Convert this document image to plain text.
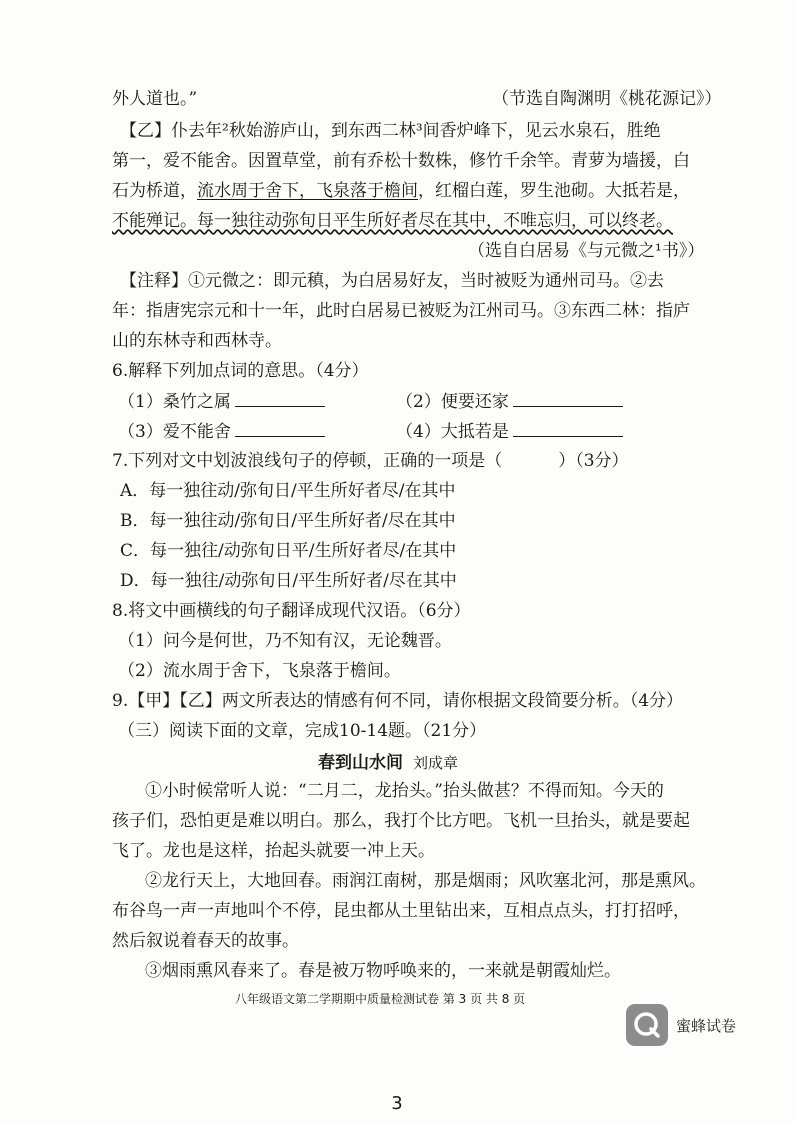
外人道也。”	（节选自陶渊明《桃花源记》）
【乙】仆去年²秋始游庐山，到东西二林³间香炉峰下，见云水泉石，胜绝
第一，爱不能舍。因置草堂，前有乔松十数株，修竹千余竿。青萝为墙援，白
石为桥道，流水周于舍下，飞泉落于檐间，红榴白莲，罗生池砌。大抵若是，
不能殚记。每一独往动弥旬日平生所好者尽在其中，不唯忘归，可以终老。
（选自白居易《与元微之¹书》）
【注释】①元微之：即元稹，为白居易好友，当时被贬为通州司马。②去
年：指唐宪宗元和十一年，此时白居易已被贬为江州司马。③东西二林：指庐
山的东林寺和西林寺。
6.解释下列加点词的意思。（4分）
（1）桑竹之属	（2）便要还家
（3）爱不能舍	（4）大抵若是
7.下列对文中划波浪线句子的停顿，正确的一项是（	）（3分）
A．每一独往动/弥旬日/平生所好者尽/在其中
B．每一独往动/弥旬日/平生所好者/尽在其中
C．每一独往/动弥旬日平/生所好者尽/在其中
D．每一独往/动弥旬日/平生所好者/尽在其中
8.将文中画横线的句子翻译成现代汉语。（6分）
（1）问今是何世，乃不知有汉，无论魏晋。
（2）流水周于舍下，飞泉落于檐间。
9.【甲】【乙】两文所表达的情感有何不同，请你根据文段简要分析。（4分）
（三）阅读下面的文章，完成10-14题。（21分）
春到山水间 刘成章
①小时候常听人说：“二月二，龙抬头。”抬头做甚？不得而知。今天的
孩子们，恐怕更是难以明白。那么，我打个比方吧。飞机一旦抬头，就是要起
飞了。龙也是这样，抬起头就要一冲上天。
②龙行天上，大地回春。雨润江南树，那是烟雨；风吹塞北河，那是熏风。
布谷鸟一声一声地叫个不停，昆虫都从土里钻出来，互相点点头，打打招呼，
然后叙说着春天的故事。
③烟雨熏风春来了。春是被万物呼唤来的，一来就是朝霞灿烂。
八年级语文第二学期期中质量检测试卷 第 3 页 共 8 页
蜜蜂试卷
3
